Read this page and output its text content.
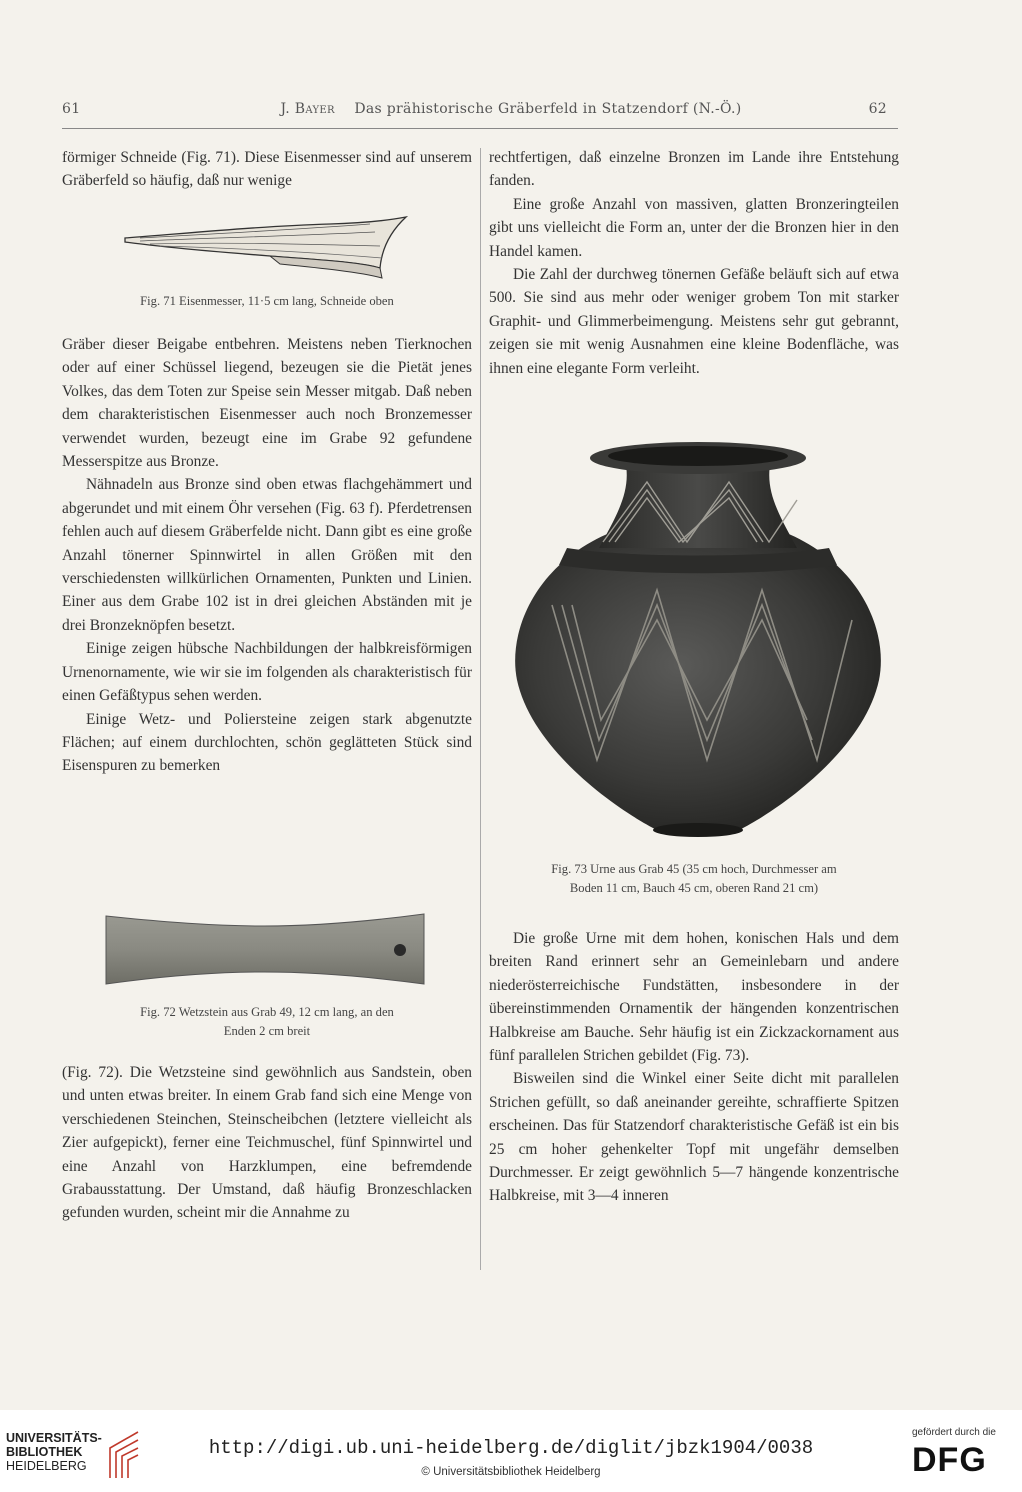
61	J. Bayer Das prähistorische Gräberfeld in Statzendorf (N.-Ö.)	62

förmiger Schneide (Fig. 71). Diese Eisenmesser sind auf unserem Gräberfeld so häufig, daß nur wenige

Fig. 71 Eisenmesser, 11·5 cm lang, Schneide oben

Gräber dieser Beigabe entbehren. Meistens neben Tierknochen oder auf einer Schüssel liegend, bezeugen sie die Pietät jenes Volkes, das dem Toten zur Speise sein Messer mitgab. Daß neben dem charakteristischen Eisenmesser auch noch Bronzemesser verwendet wurden, bezeugt eine im Grabe 92 gefundene Messerspitze aus Bronze.

Nähnadeln aus Bronze sind oben etwas flachgehämmert und abgerundet und mit einem Öhr versehen (Fig. 63 f). Pferdetrensen fehlen auch auf diesem Gräberfelde nicht. Dann gibt es eine große Anzahl tönerner Spinnwirtel in allen Größen mit den verschiedensten willkürlichen Ornamenten, Punkten und Linien. Einer aus dem Grabe 102 ist in drei gleichen Abständen mit je drei Bronzeknöpfen besetzt.

Einige zeigen hübsche Nachbildungen der halbkreisförmigen Urnenornamente, wie wir sie im folgenden als charakteristisch für einen Gefäßtypus sehen werden.

Einige Wetz- und Poliersteine zeigen stark abgenutzte Flächen; auf einem durchlochten, schön geglätteten Stück sind Eisenspuren zu bemerken

Fig. 72 Wetzstein aus Grab 49, 12 cm lang, an den
Enden 2 cm breit

(Fig. 72). Die Wetzsteine sind gewöhnlich aus Sandstein, oben und unten etwas breiter. In einem Grab fand sich eine Menge von verschiedenen Steinchen, Steinscheibchen (letztere vielleicht als Zier aufgepickt), ferner eine Teichmuschel, fünf Spinnwirtel und eine Anzahl von Harzklumpen, eine befremdende Grabausstattung. Der Umstand, daß häufig Bronzeschlacken gefunden wurden, scheint mir die Annahme zu

rechtfertigen, daß einzelne Bronzen im Lande ihre Entstehung fanden.

Eine große Anzahl von massiven, glatten Bronzeringteilen gibt uns vielleicht die Form an, unter der die Bronzen hier in den Handel kamen.

Die Zahl der durchweg tönernen Gefäße beläuft sich auf etwa 500. Sie sind aus mehr oder weniger grobem Ton mit starker Graphit- und Glimmerbeimengung. Meistens sehr gut gebrannt, zeigen sie mit wenig Ausnahmen eine kleine Bodenfläche, was ihnen eine elegante Form verleiht.

Fig. 73 Urne aus Grab 45 (35 cm hoch, Durchmesser am
Boden 11 cm, Bauch 45 cm, oberen Rand 21 cm)

Die große Urne mit dem hohen, konischen Hals und dem breiten Rand erinnert sehr an Gemeinlebarn und andere niederösterreichische Fundstätten, insbesondere in der übereinstimmenden Ornamentik der hängenden konzentrischen Halbkreise am Bauche. Sehr häufig ist ein Zickzackornament aus fünf parallelen Strichen gebildet (Fig. 73).

Bisweilen sind die Winkel einer Seite dicht mit parallelen Strichen gefüllt, so daß aneinander gereihte, schraffierte Spitzen erscheinen. Das für Statzendorf charakteristische Gefäß ist ein bis 25 cm hoher gehenkelter Topf mit ungefähr demselben Durchmesser. Er zeigt gewöhnlich 5—7 hängende konzentrische Halbkreise, mit 3—4 inneren

UNIVERSITÄTS-
BIBLIOTHEK
HEIDELBERG
http://digi.ub.uni-heidelberg.de/diglit/jbzk1904/0038
© Universitätsbibliothek Heidelberg
gefördert durch die
DFG
